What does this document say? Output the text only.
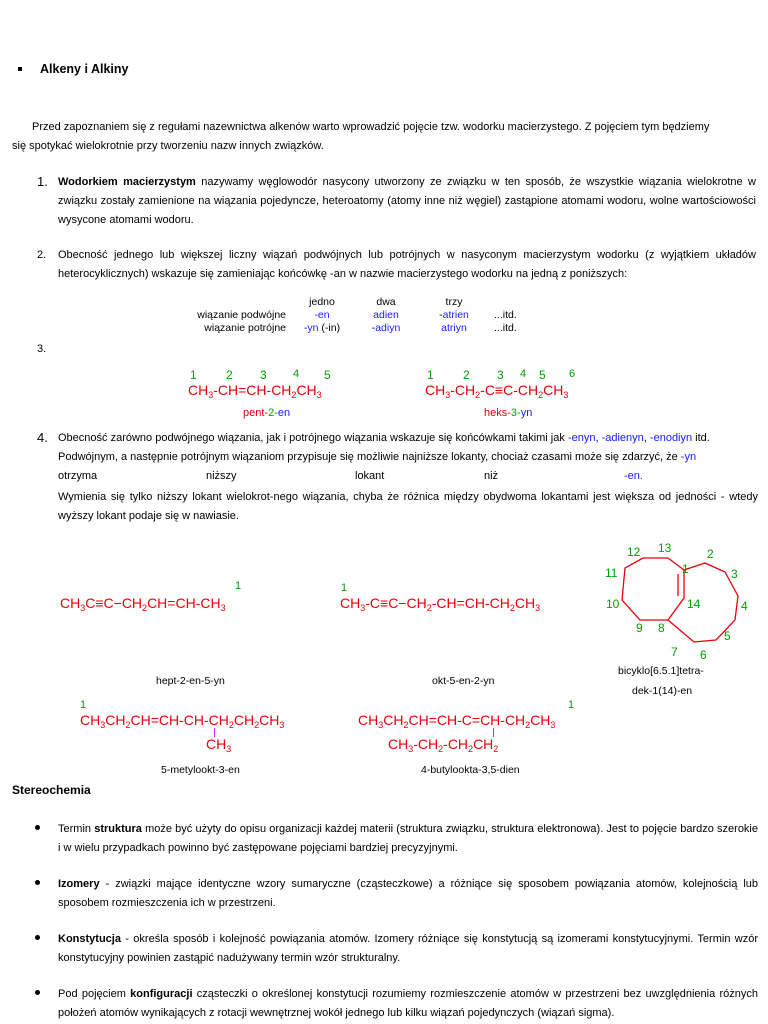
Alkeny i Alkiny
Przed zapoznaniem się z regułami nazewnictwa alkenów warto wprowadzić pojęcie tzw. wodorku macierzystego. Z pojęciem tym będziemy
się spotykać wielokrotnie przy tworzeniu nazw innych związków.
1. Wodorkiem macierzystym nazywamy węglowodór nasycony utworzony ze związku w ten sposób, że wszystkie wiązania wielokrotne w związku zostały zamienione na wiązania pojedyncze, heteroatomy (atomy inne niż węgiel) zastąpione atomami wodoru, wolne wartościowości wysycone atomami wodoru.
2. Obecność jednego lub większej liczny wiązań podwójnych lub potrójnych w nasyconym macierzystym wodorku (z wyjątkiem układów heterocyklicznych) wskazuje się zamieniając końcówkę -an w nazwie macierzystego wodorku na jedną z poniższych:
	jedno	dwa	trzy	
wiązanie podwójne	-en	adien	-atrien	...itd.
wiązanie potrójne	-yn (-in)	-adiyn	atriyn	...itd.
3.
1 2 3 4 5
$CH_3-CH=CH-CH_2CH_3$
pent-2-en
1 2 3 4 5 6
$CH_3-CH_2-C\equiv C-CH_2CH_3$
heks-3-yn
4. Obecność zarówno podwójnego wiązania, jak i potrójnego wiązania wskazuje się końcówkami takimi jak -enyn, -adienyn, -enodiyn itd.
Podwójnym, a następnie potrójnym wiązaniom przypisuje się możliwie najniższe lokanty, chociaż czasami może się zdarzyć, że -yn
otrzyma	niższy	lokant	niż	-en.
Wymienia się tylko niższy lokant wielokrot-nego wiązania, chyba że różnica między obydwoma lokantami jest większa od jedności - wtedy wyższy lokant podaje się w nawiasie.
1
$CH_3C\equiv C-CH_2CH=CH-CH_3$
hept-2-en-5-yn
1
$CH_3-C\equiv C-CH_2-CH=CH-CH_2CH_3$
okt-5-en-2-yn
1
2
3
4
5
6
7
8
9
10
11
12 13
14
bicyklo[6.5.1]tetra-
dek-1(14)-en
1
$CH_3CH_2CH=CH-CH-CH_2CH_2CH_3$
$CH_3$
5-metylookt-3-en
1
$CH_3CH_2CH=CH-C=CH-CH_2CH_3$
$CH_3-CH_2-CH_2CH_2$
4-butylookta-3,5-dien
Stereochemia
Termin struktura może być użyty do opisu organizacji każdej materii (struktura związku, struktura elektronowa). Jest to pojęcie bardzo szerokie i w wielu przypadkach powinno być zastępowane pojęciami bardziej precyzyjnymi.
Izomery - związki mające identyczne wzory sumaryczne (cząsteczkowe) a różniące się sposobem powiązania atomów, kolejnością lub sposobem rozmieszczenia ich w przestrzeni.
Konstytucja - określa sposób i kolejność powiązania atomów. Izomery różniące się konstytucją są izomerami konstytucyjnymi. Termin wzór konstytucyjny powinien zastąpić nadużywany termin wzór strukturalny.
Pod pojęciem konfiguracji cząsteczki o określonej konstytucji rozumiemy rozmieszczenie atomów w przestrzeni bez uwzględnienia różnych położeń atomów wynikających z rotacji wewnętrznej wokół jednego lub kilku wiązań pojedynczych (wiązań sigma).
